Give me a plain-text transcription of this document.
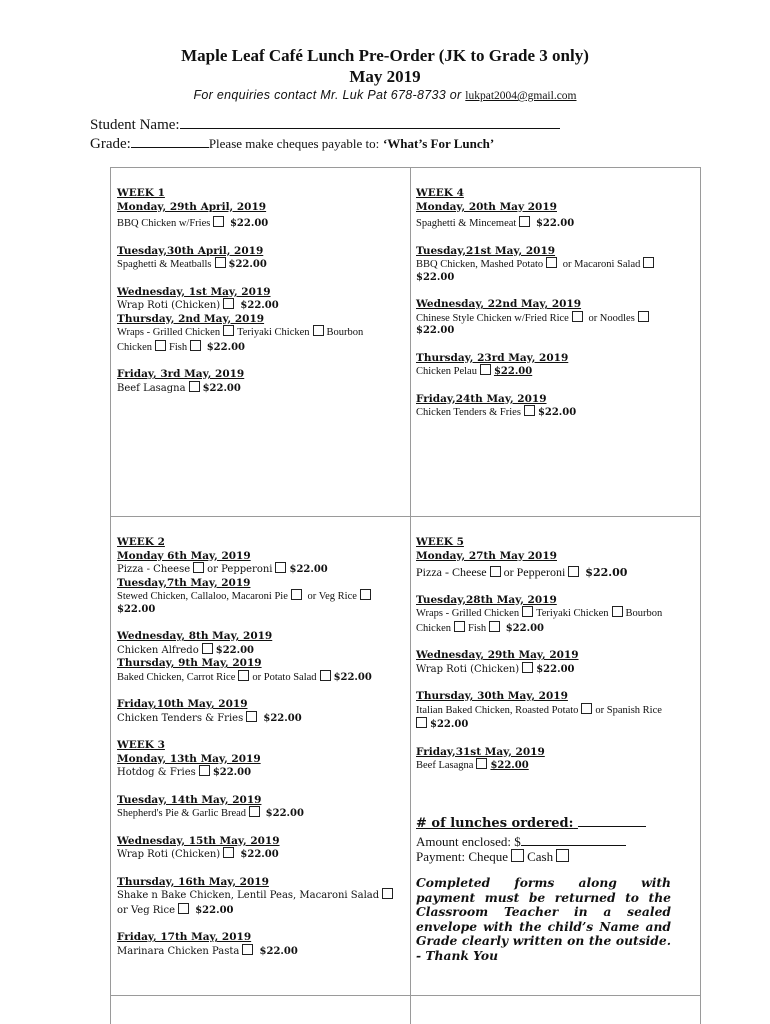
Maple Leaf Café Lunch Pre-Order (JK to Grade 3 only)
May 2019
For enquiries contact Mr. Luk Pat 678-8733 or lukpat2004@gmail.com
Student Name:
Grade:	Please make cheques payable to: ‘What’s For Lunch’
WEEK 1
Monday, 29th April, 2019
BBQ Chicken w/Fries $22.00
Tuesday,30th April, 2019
Spaghetti & Meatballs $22.00
Wednesday, 1st May, 2019
Wrap Roti (Chicken) $22.00
Thursday, 2nd May, 2019
Wraps - Grilled Chicken Teriyaki Chicken Bourbon
Chicken Fish $22.00
Friday, 3rd May, 2019
Beef Lasagna $22.00
WEEK 4
Monday, 20th May 2019
Spaghetti & Mincemeat $22.00
Tuesday,21st May, 2019
BBQ Chicken, Mashed Potato or Macaroni Salad
$22.00
Wednesday, 22nd May, 2019
Chinese Style Chicken w/Fried Rice or Noodles
$22.00
Thursday, 23rd May, 2019
Chicken Pelau $22.00
Friday,24th May, 2019
Chicken Tenders & Fries $22.00
WEEK 2
Monday 6th May, 2019
Pizza - Cheese or Pepperoni $22.00
Tuesday,7th May, 2019
Stewed Chicken, Callaloo, Macaroni Pie or Veg Rice
$22.00
Wednesday, 8th May, 2019
Chicken Alfredo $22.00
Thursday, 9th May, 2019
Baked Chicken, Carrot Rice or Potato Salad $22.00
Friday,10th May, 2019
Chicken Tenders & Fries $22.00
WEEK 3
Monday, 13th May, 2019
Hotdog & Fries $22.00
Tuesday, 14th May, 2019
Shepherd's Pie & Garlic Bread $22.00
Wednesday, 15th May, 2019
Wrap Roti (Chicken) $22.00
Thursday, 16th May, 2019
Shake n Bake Chicken, Lentil Peas, Macaroni Salad
or Veg Rice $22.00
Friday, 17th May, 2019
Marinara Chicken Pasta $22.00
WEEK 5
Monday, 27th May 2019
Pizza - Cheese or Pepperoni $22.00
Tuesday,28th May, 2019
Wraps - Grilled Chicken Teriyaki Chicken Bourbon
Chicken Fish $22.00
Wednesday, 29th May, 2019
Wrap Roti (Chicken) $22.00
Thursday, 30th May, 2019
Italian Baked Chicken, Roasted Potato or Spanish Rice
$22.00
Friday,31st May, 2019
Beef Lasagna $22.00
# of lunches ordered:
Amount enclosed: $
Payment: Cheque Cash
Completed forms along with payment must be returned to the Classroom Teacher in a sealed envelope with the child’s Name and Grade clearly written on the outside. - Thank You
